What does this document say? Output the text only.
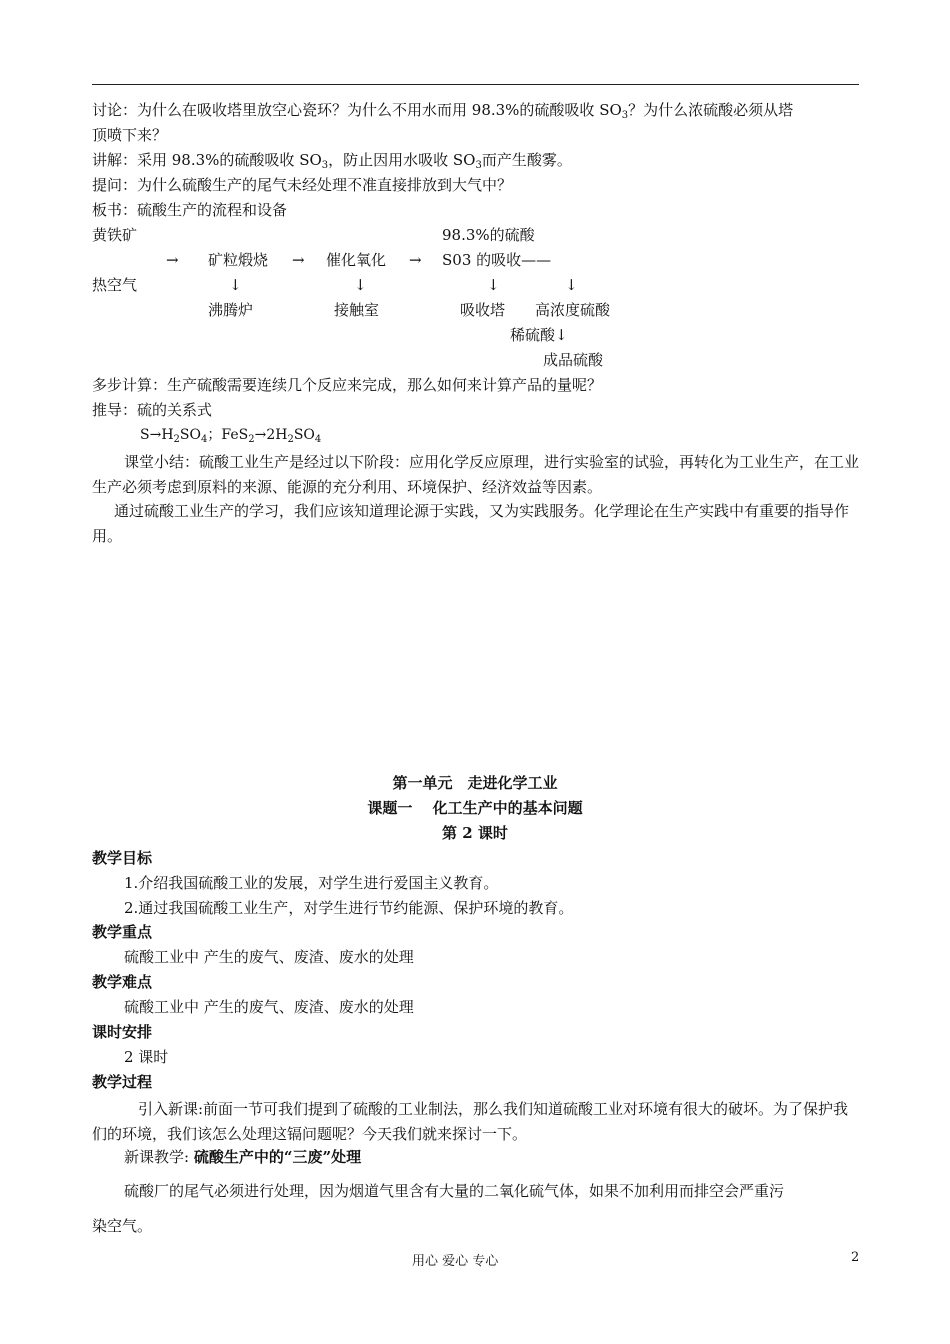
讨论：为什么在吸收塔里放空心瓷环？为什么不用水而用 98.3%的硫酸吸收 $SO_3$？为什么浓硫酸必须从塔
顶喷下来？
讲解：采用 98.3%的硫酸吸收 $SO_3$，防止因用水吸收 $SO_3$而产生酸雾。
提问：为什么硫酸生产的尾气未经处理不准直接排放到大气中？
板书：硫酸生产的流程和设备
黄铁矿	98.3%的硫酸
→ 矿粒煅烧 → 催化氧化 → S03 的吸收——
热空气	↓	↓	↓	↓
沸腾炉	接触室	吸收塔 高浓度硫酸
稀硫酸↓
成品硫酸
多步计算：生产硫酸需要连续几个反应来完成，那么如何来计算产品的量呢？
推导：硫的关系式
$S\to H_2SO_4$；$FeS_2\to 2H_2SO_4$
课堂小结：硫酸工业生产是经过以下阶段：应用化学反应原理，进行实验室的试验，再转化为工业生产，在工业生产必须考虑到原料的来源、能源的充分利用、环境保护、经济效益等因素。
通过硫酸工业生产的学习，我们应该知道理论源于实践，又为实践服务。化学理论在生产实践中有重要的指导作用。
第一单元　走进化学工业
课题一　 化工生产中的基本问题
第 2 课时
教学目标
1.介绍我国硫酸工业的发展，对学生进行爱国主义教育。
2.通过我国硫酸工业生产，对学生进行节约能源、保护环境的教育。
教学重点
硫酸工业中 产生的废气、废渣、废水的处理
教学难点
硫酸工业中 产生的废气、废渣、废水的处理
课时安排
2 课时
教学过程
引入新课:前面一节可我们提到了硫酸的工业制法，那么我们知道硫酸工业对环境有很大的破坏。为了保护我们的环境，我们该怎么处理这镉问题呢？今天我们就来探讨一下。
新课教学: 硫酸生产中的“三废”处理
硫酸厂的尾气必须进行处理，因为烟道气里含有大量的二氧化硫气体，如果不加利用而排空会严重污
染空气。
用心 爱心 专心	2
